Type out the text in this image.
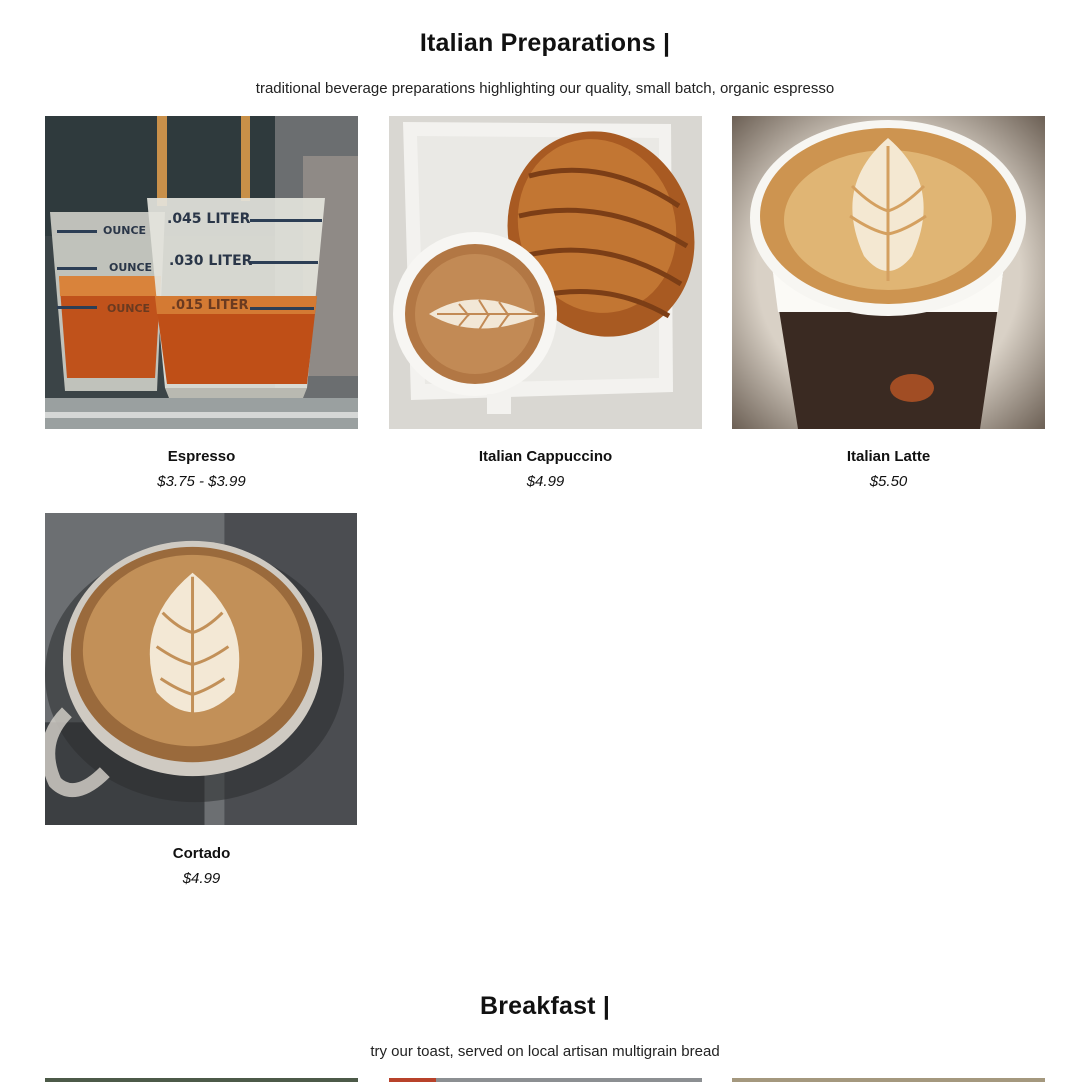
Italian Preparations |

traditional beverage preparations highlighting our quality, small batch, organic espresso

.045 LITER
.030 LITER
.015 LITER
OUNCE
OUNCE
OUNCE
Espresso
$3.75 - $3.99
Italian Cappuccino
$4.99
Italian Latte
$5.50
Cortado
$4.99
Breakfast |

try our toast, served on local artisan multigrain bread
